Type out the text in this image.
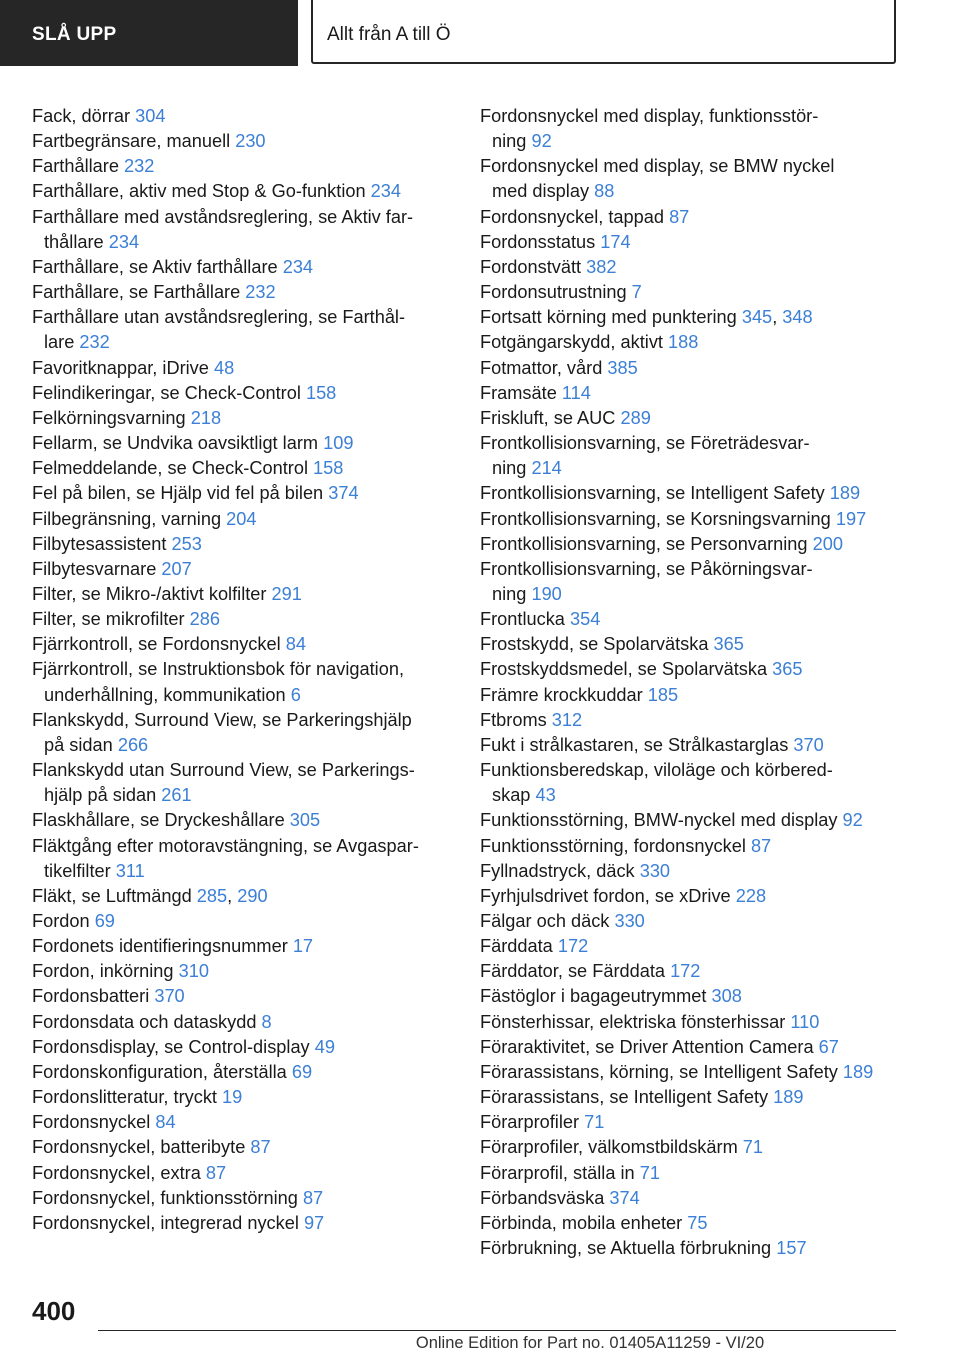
SLÅ UPP	Allt från A till Ö
Fack, dörrar 304
Fartbegränsare, manuell 230
Farthållare 232
Farthållare, aktiv med Stop & Go-funktion 234
Farthållare med avståndsreglering, se Aktiv far-
thållare 234
Farthållare, se Aktiv farthållare 234
Farthållare, se Farthållare 232
Farthållare utan avståndsreglering, se Farthål-
lare 232
Favoritknappar, iDrive 48
Felindikeringar, se Check-Control 158
Felkörningsvarning 218
Fellarm, se Undvika oavsiktligt larm 109
Felmeddelande, se Check-Control 158
Fel på bilen, se Hjälp vid fel på bilen 374
Filbegränsning, varning 204
Filbytesassistent 253
Filbytesvarnare 207
Filter, se Mikro-/aktivt kolfilter 291
Filter, se mikrofilter 286
Fjärrkontroll, se Fordonsnyckel 84
Fjärrkontroll, se Instruktionsbok för navigation,
underhållning, kommunikation 6
Flankskydd, Surround View, se Parkeringshjälp
på sidan 266
Flankskydd utan Surround View, se Parkerings-
hjälp på sidan 261
Flaskhållare, se Dryckeshållare 305
Fläktgång efter motoravstängning, se Avgaspar-
tikelfilter 311
Fläkt, se Luftmängd 285, 290
Fordon 69
Fordonets identifieringsnummer 17
Fordon, inkörning 310
Fordonsbatteri 370
Fordonsdata och dataskydd 8
Fordonsdisplay, se Control-display 49
Fordonskonfiguration, återställa 69
Fordonslitteratur, tryckt 19
Fordonsnyckel 84
Fordonsnyckel, batteribyte 87
Fordonsnyckel, extra 87
Fordonsnyckel, funktionsstörning 87
Fordonsnyckel, integrerad nyckel 97
Fordonsnyckel med display, funktionsstör-
ning 92
Fordonsnyckel med display, se BMW nyckel
med display 88
Fordonsnyckel, tappad 87
Fordonsstatus 174
Fordonstvätt 382
Fordonsutrustning 7
Fortsatt körning med punktering 345, 348
Fotgängarskydd, aktivt 188
Fotmattor, vård 385
Framsäte 114
Friskluft, se AUC 289
Frontkollisionsvarning, se Företrädesvar-
ning 214
Frontkollisionsvarning, se Intelligent Safety 189
Frontkollisionsvarning, se Korsningsvarning 197
Frontkollisionsvarning, se Personvarning 200
Frontkollisionsvarning, se Påkörningsvar-
ning 190
Frontlucka 354
Frostskydd, se Spolarvätska 365
Frostskyddsmedel, se Spolarvätska 365
Främre krockkuddar 185
Ftbroms 312
Fukt i strålkastaren, se Strålkastarglas 370
Funktionsberedskap, viloläge och körbered-
skap 43
Funktionsstörning, BMW-nyckel med display 92
Funktionsstörning, fordonsnyckel 87
Fyllnadstryck, däck 330
Fyrhjulsdrivet fordon, se xDrive 228
Fälgar och däck 330
Färddata 172
Färddator, se Färddata 172
Fästöglor i bagageutrymmet 308
Fönsterhissar, elektriska fönsterhissar 110
Föraraktivitet, se Driver Attention Camera 67
Förarassistans, körning, se Intelligent Safety 189
Förarassistans, se Intelligent Safety 189
Förarprofiler 71
Förarprofiler, välkomstbildskärm 71
Förarprofil, ställa in 71
Förbandsväska 374
Förbinda, mobila enheter 75
Förbrukning, se Aktuella förbrukning 157
400
Online Edition for Part no. 01405A11259 - VI/20
